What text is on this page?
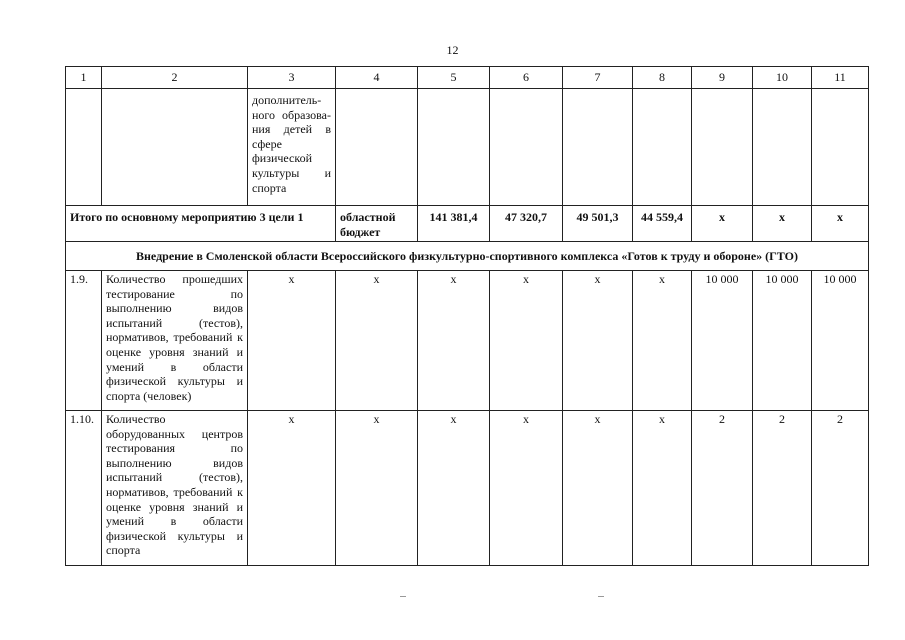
12
1	2	3	4	5	6	7	8	9	10	11
		дополнитель-ного образова-ния детей в сфере физической культуры и спорта								
Итого по основному мероприятию 3 цели 1			областной бюджет	141 381,4	47 320,7	49 501,3	44 559,4	x	x	x
Внедрение в Смоленской области Всероссийского физкультурно-спортивного комплекса «Готов к труду и обороне» (ГТО)										
1.9.	Количество прошедших тестирование по выполнению видов испытаний (тестов), нормативов, требований к оценке уровня знаний и умений в области физической культуры и спорта (человек)	x	x	x	x	x	x	10 000	10 000	10 000
1.10.	Количество оборудованных центров тестирования по выполнению видов испытаний (тестов), нормативов, требований к оценке уровня знаний и умений в области физической культуры и спорта	x	x	x	x	x	x	2	2	2
